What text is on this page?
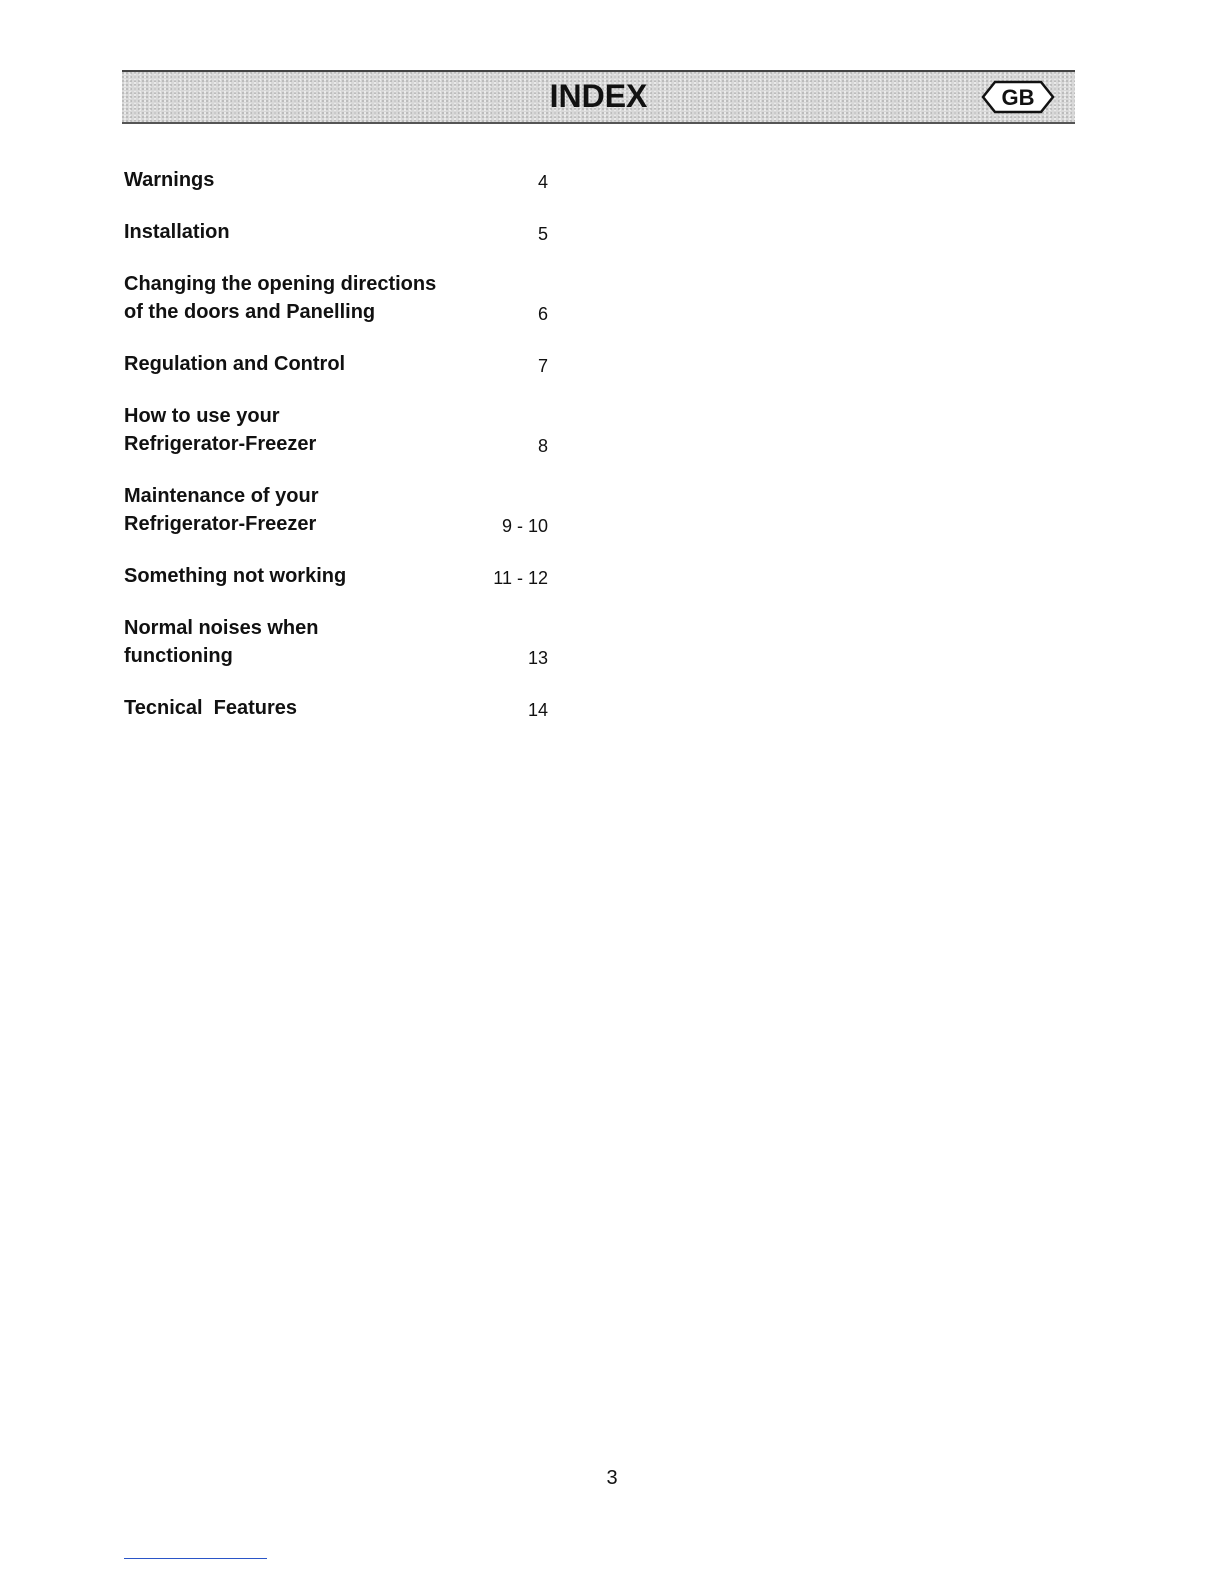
INDEX	GB
Warnings	4
Installation	5
Changing the opening directions
of the doors and Panelling	6
Regulation and Control	7
How to use your
Refrigerator-Freezer	8
Maintenance of your
Refrigerator-Freezer	9 - 10
Something not working	11 - 12
Normal noises when
functioning	13
Tecnical  Features	14
3
